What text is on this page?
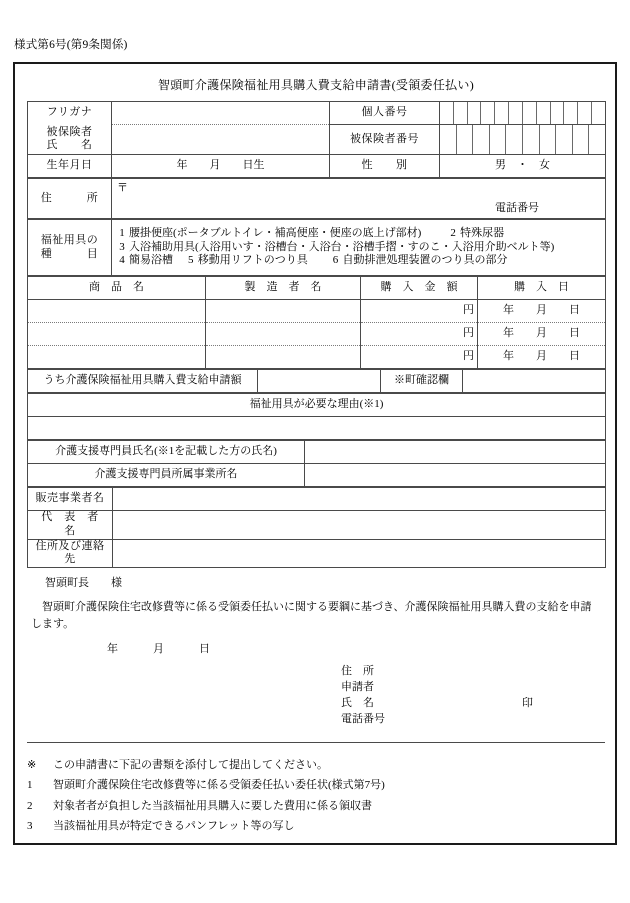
様式第6号(第9条関係)
智頭町介護保険福祉用具購入費支給申請書(受領委任払い)
フリガナ		個人番号	

被保険者
氏　　名		被保険者番号	

生年月日	年　　月　　日生	性　　別	男　・　女
住　　　所	
〒
電話番号
福祉用具の
種　　　目

1 腰掛便座(ポータブルトイレ・補高便座・便座の底上げ部材)	2 特殊尿器
3 入浴補助用具(入浴用いす・浴槽台・入浴台・浴槽手摺・すのこ・入浴用介助ベルト等)
4 簡易浴槽 5 移動用リフトのつり具 6 自動排泄処理装置のつり具の部分
商　品　名	製　造　者　名	購　入　金　額	購　入　日
		円	年　　月　　日
		円	年　　月　　日
		円	年　　月　　日
うち介護保険福祉用具購入費支給申請額		※町確認欄	
福祉用具が必要な理由(※1)

介護支援専門員氏名(※1を記載した方の氏名)	
介護支援専門員所属事業所名	
販売事業者名	
代　表　者　名	
住所及び連絡先	
智頭町長　　様
智頭町介護保険住宅改修費等に係る受領委任払いに関する要綱に基づき、介護保険福祉用具購入費の支給を申請します。
年　　　月　　　日
住　所
申請者
氏　名	印
電話番号
※ この申請書に下記の書類を添付して提出してください。
1 智頭町介護保険住宅改修費等に係る受領委任払い委任状(様式第7号)
2 対象者者が負担した当該福祉用具購入に要した費用に係る領収書
3 当該福祉用具が特定できるパンフレット等の写し
